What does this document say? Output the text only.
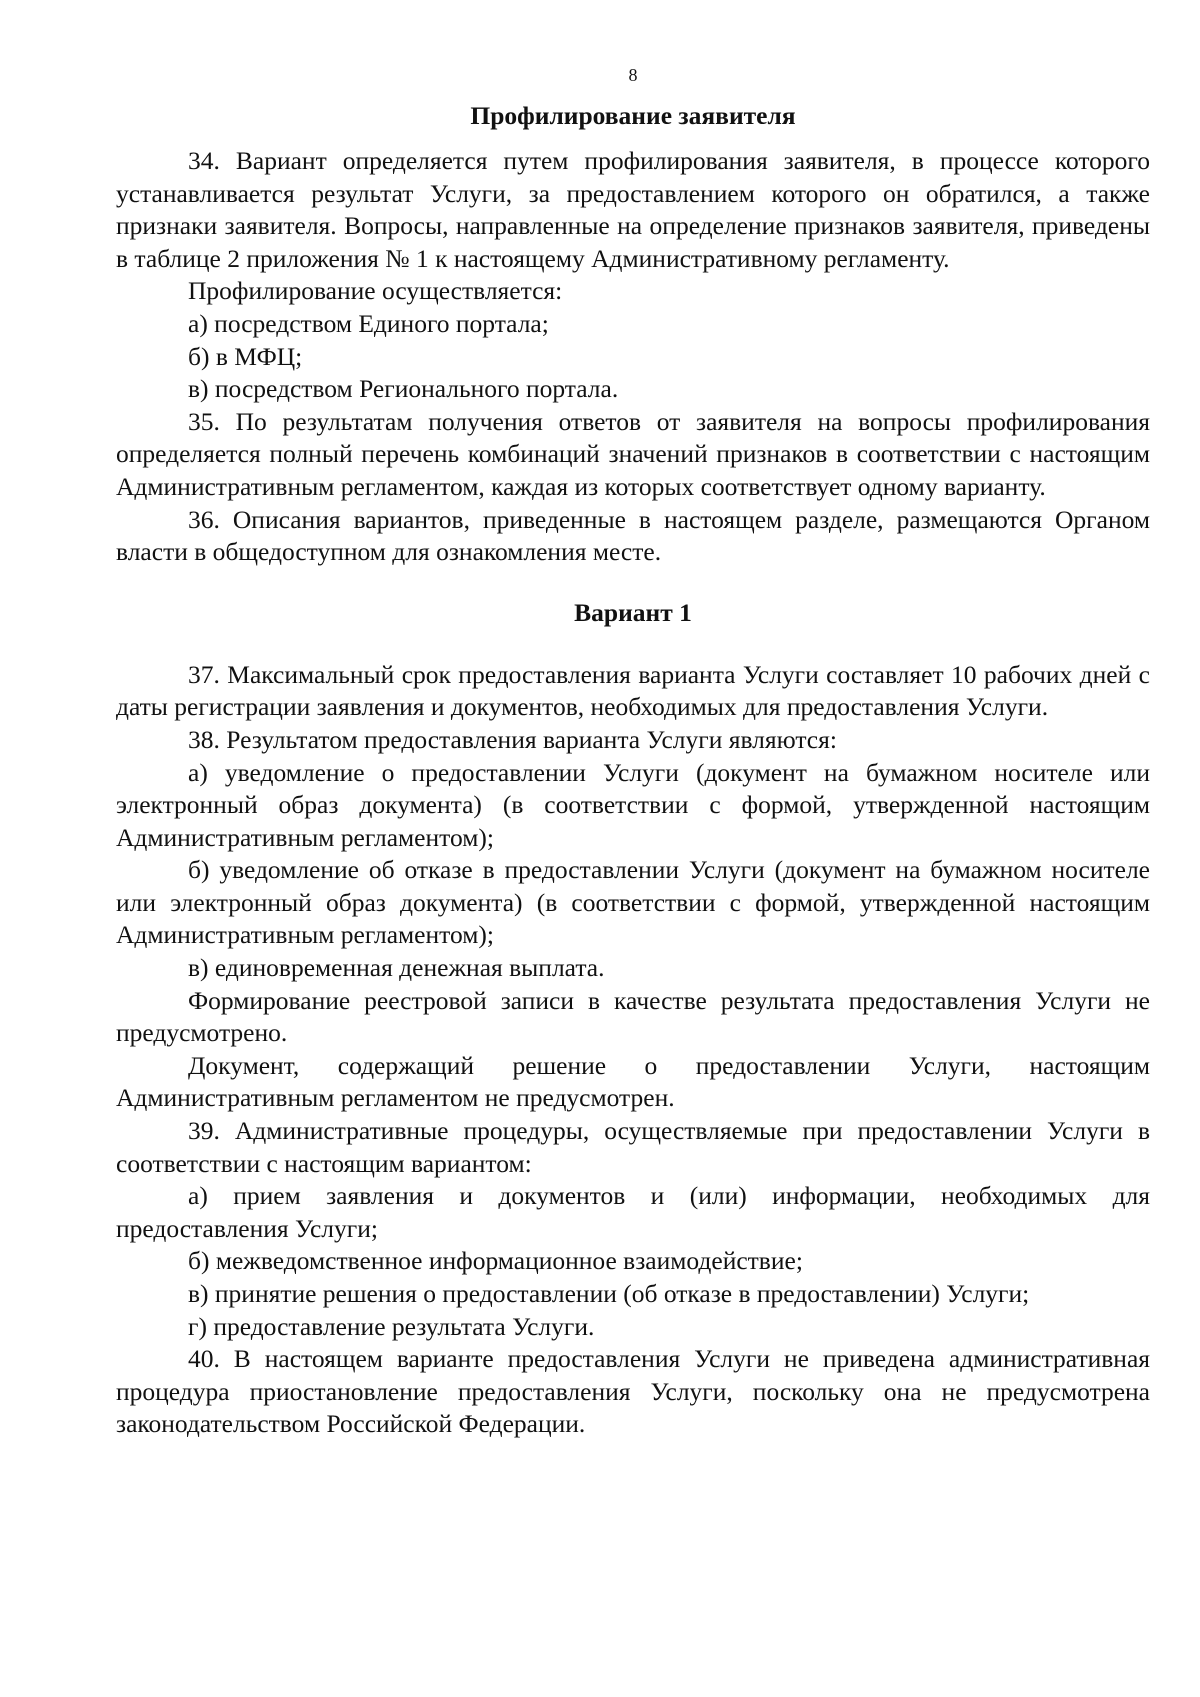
8
Профилирование заявителя

34. Вариант определяется путем профилирования заявителя, в процессе которого устанавливается результат Услуги, за предоставлением которого он обратился, а также признаки заявителя. Вопросы, направленные на определение признаков заявителя, приведены в таблице 2 приложения № 1 к настоящему Административному регламенту.

Профилирование осуществляется:

а) посредством Единого портала;

б) в МФЦ;

в) посредством Регионального портала.

35. По результатам получения ответов от заявителя на вопросы профилирования определяется полный перечень комбинаций значений признаков в соответствии с настоящим Административным регламентом, каждая из которых соответствует одному варианту.

36. Описания вариантов, приведенные в настоящем разделе, размещаются Органом власти в общедоступном для ознакомления месте.

Вариант 1

37. Максимальный срок предоставления варианта Услуги составляет 10 рабочих дней с даты регистрации заявления и документов, необходимых для предоставления Услуги.

38. Результатом предоставления варианта Услуги являются:

а) уведомление о предоставлении Услуги (документ на бумажном носителе или электронный образ документа) (в соответствии с формой, утвержденной настоящим Административным регламентом);

б) уведомление об отказе в предоставлении Услуги (документ на бумажном носителе или электронный образ документа) (в соответствии с формой, утвержденной настоящим Административным регламентом);

в) единовременная денежная выплата.

Формирование реестровой записи в качестве результата предоставления Услуги не предусмотрено.

Документ, содержащий решение о предоставлении Услуги, настоящим Административным регламентом не предусмотрен.

39. Административные процедуры, осуществляемые при предоставлении Услуги в соответствии с настоящим вариантом:

а) прием заявления и документов и (или) информации, необходимых для предоставления Услуги;

б) межведомственное информационное взаимодействие;

в) принятие решения о предоставлении (об отказе в предоставлении) Услуги;

г) предоставление результата Услуги.

40. В настоящем варианте предоставления Услуги не приведена административная процедура приостановление предоставления Услуги, поскольку она не предусмотрена законодательством Российской Федерации.
